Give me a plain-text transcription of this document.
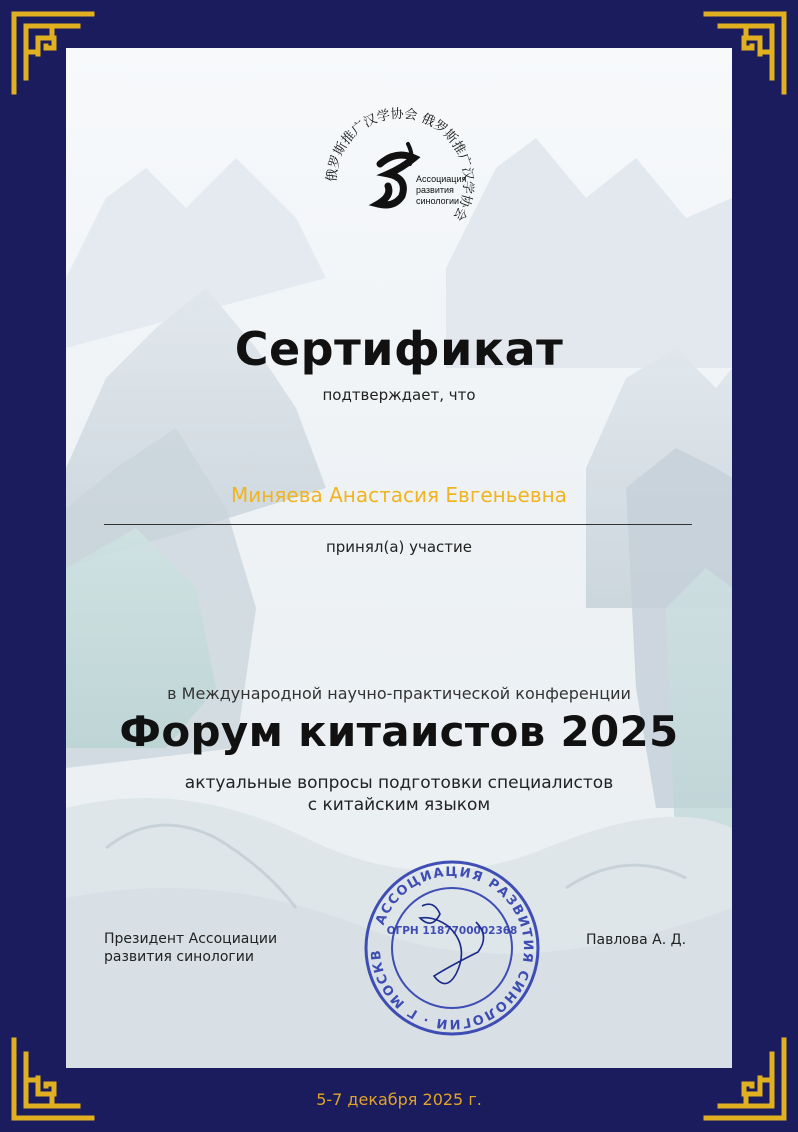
俄罗斯推广汉学协会 俄罗斯推广汉学协会
Ассоциация
развития
синологии
Сертификат
подтверждает, что
Миняева Анастасия Евгеньевна
принял(а) участие
в Международной научно-практической конференции
Форум китаистов 2025
актуальные вопросы подготовки специалистов
с китайским языком
Президент Ассоциации
развития синологии
АССОЦИАЦИЯ РАЗВИТИЯ СИНОЛОГИИ · Г МОСКВ
ОГРН 1187700002368
Павлова А. Д.
5-7 декабря 2025 г.
